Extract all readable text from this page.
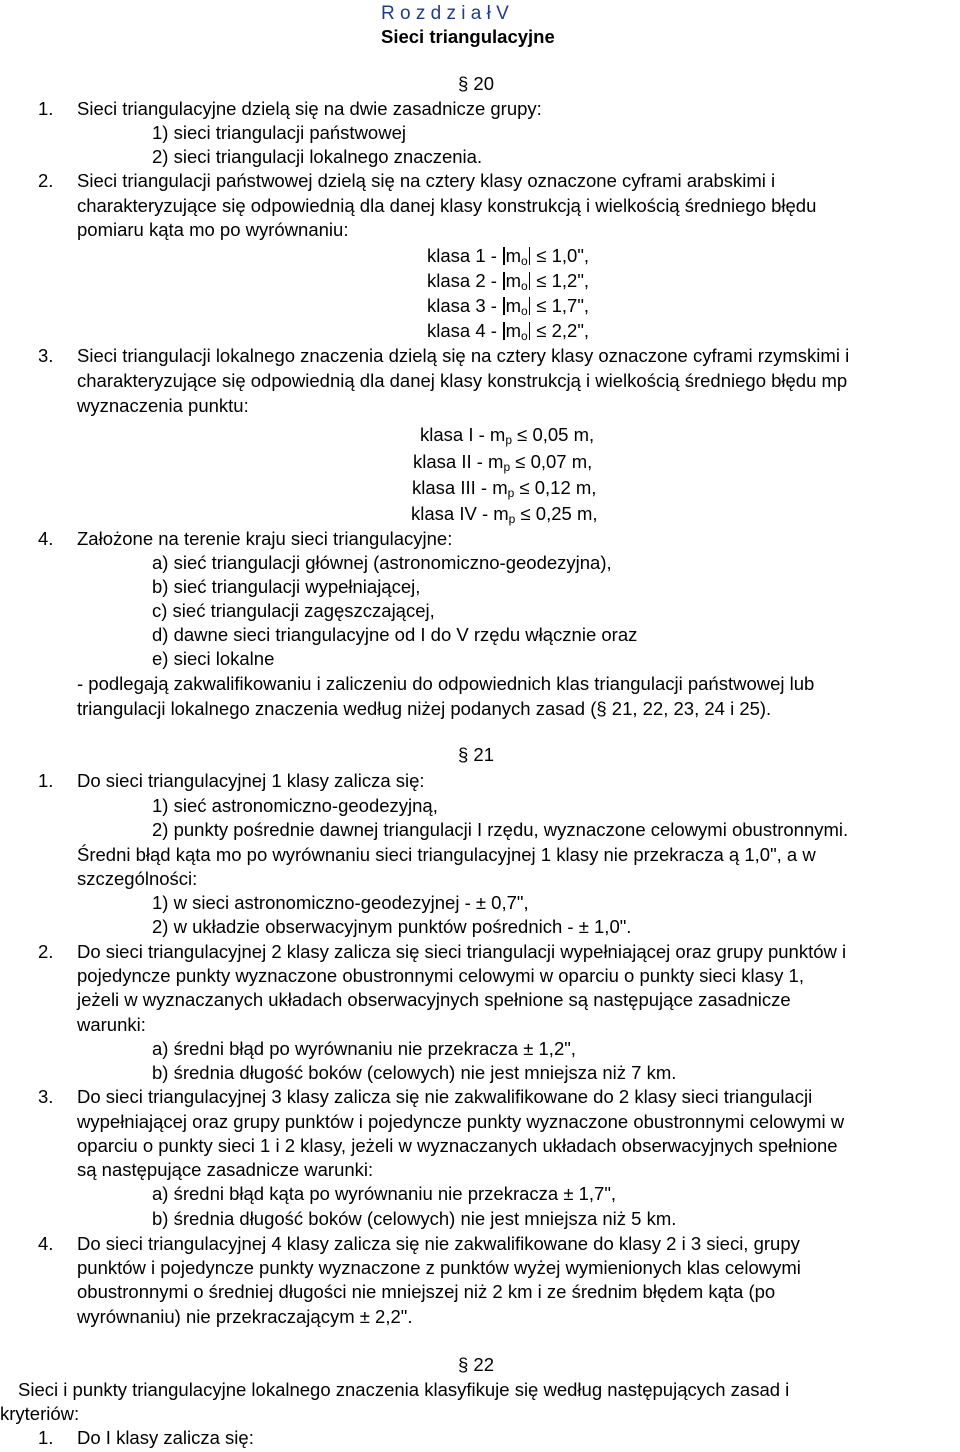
R o z d z i a ł V
Sieci triangulacyjne
§ 20
1. Sieci triangulacyjne dzielą się na dwie zasadnicze grupy:
1) sieci triangulacji państwowej
2) sieci triangulacji lokalnego znaczenia.
2. Sieci triangulacji państwowej dzielą się na cztery klasy oznaczone cyframi arabskimi i
charakteryzujące się odpowiednią dla danej klasy konstrukcją i wielkością średniego błędu
pomiaru kąta mo po wyrównaniu:
klasa $1 - m_o \le 1,0$",
klasa $2 - m_o \le 1,2$",
klasa $3 - m_o \le 1,7$",
klasa $4 - m_o \le 2,2$",
3. Sieci triangulacji lokalnego znaczenia dzielą się na cztery klasy oznaczone cyframi rzymskimi i
charakteryzujące się odpowiednią dla danej klasy konstrukcją i wielkością średniego błędu mp
wyznaczenia punktu:
klasa $I - m_p \le 0,05$ m,
klasa II - $m_p \le 0,07$ m,
klasa III - $m_p \le 0,12$ m,
klasa IV - $m_p \le 0,25$ m,
4. Założone na terenie kraju sieci triangulacyjne:
a) sieć triangulacji głównej (astronomiczno-geodezyjna),
b) sieć triangulacji wypełniającej,
c) sieć triangulacji zagęszczającej,
d) dawne sieci triangulacyjne od I do V rzędu włącznie oraz
e) sieci lokalne
- podlegają zakwalifikowaniu i zaliczeniu do odpowiednich klas triangulacji państwowej lub
triangulacji lokalnego znaczenia według niżej podanych zasad (§ 21, 22, 23, 24 i 25).
§ 21
1. Do sieci triangulacyjnej 1 klasy zalicza się:
1) sieć astronomiczno-geodezyjną,
2) punkty pośrednie dawnej triangulacji I rzędu, wyznaczone celowymi obustronnymi.
Średni błąd kąta mo po wyrównaniu sieci triangulacyjnej 1 klasy nie przekracza ą 1,0", a w
szczególności:
1) w sieci astronomiczno-geodezyjnej - ± 0,7",
2) w układzie obserwacyjnym punktów pośrednich - ± 1,0".
2. Do sieci triangulacyjnej 2 klasy zalicza się sieci triangulacji wypełniającej oraz grupy punktów i
pojedyncze punkty wyznaczone obustronnymi celowymi w oparciu o punkty sieci klasy 1,
jeżeli w wyznaczanych układach obserwacyjnych spełnione są następujące zasadnicze
warunki:
a) średni błąd po wyrównaniu nie przekracza ± 1,2",
b) średnia długość boków (celowych) nie jest mniejsza niż 7 km.
3. Do sieci triangulacyjnej 3 klasy zalicza się nie zakwalifikowane do 2 klasy sieci triangulacji
wypełniającej oraz grupy punktów i pojedyncze punkty wyznaczone obustronnymi celowymi w
oparciu o punkty sieci 1 i 2 klasy, jeżeli w wyznaczanych układach obserwacyjnych spełnione
są następujące zasadnicze warunki:
a) średni błąd kąta po wyrównaniu nie przekracza ± 1,7",
b) średnia długość boków (celowych) nie jest mniejsza niż 5 km.
4. Do sieci triangulacyjnej 4 klasy zalicza się nie zakwalifikowane do klasy 2 i 3 sieci, grupy
punktów i pojedyncze punkty wyznaczone z punktów wyżej wymienionych klas celowymi
obustronnymi o średniej długości nie mniejszej niż 2 km i ze średnim błędem kąta (po
wyrównaniu) nie przekraczającym ± 2,2".
§ 22
Sieci i punkty triangulacyjne lokalnego znaczenia klasyfikuje się według następujących zasad i
kryteriów:
1. Do I klasy zalicza się:
